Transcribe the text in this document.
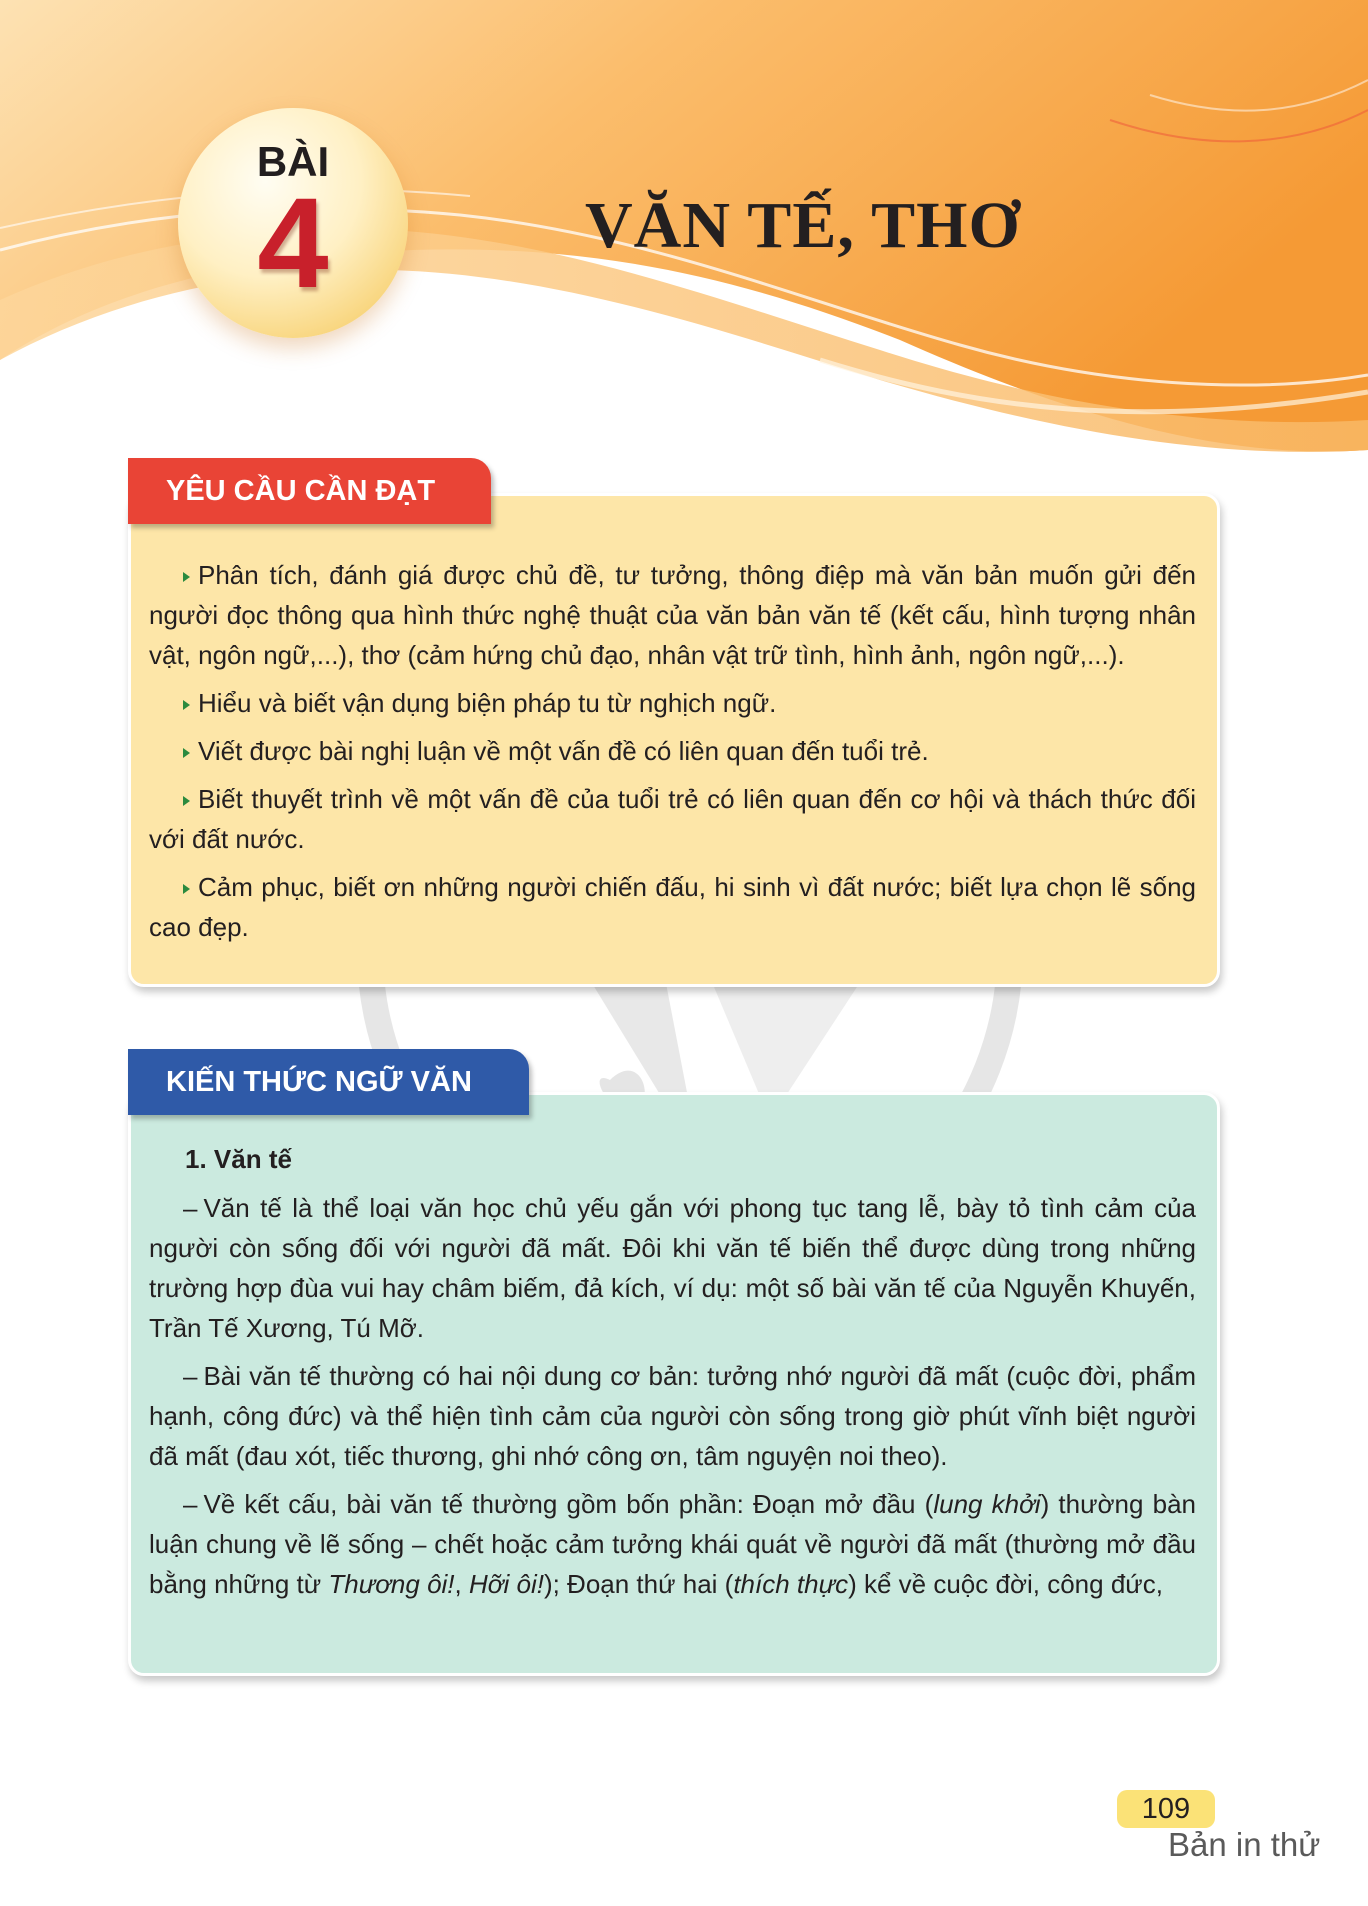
BÀI
4	VĂN TẾ, THƠ
YÊU CẦU CẦN ĐẠT

Phân tích, đánh giá được chủ đề, tư tưởng, thông điệp mà văn bản muốn gửi đến người đọc thông qua hình thức nghệ thuật của văn bản văn tế (kết cấu, hình tượng nhân vật, ngôn ngữ,...), thơ (cảm hứng chủ đạo, nhân vật trữ tình, hình ảnh, ngôn ngữ,...).

Hiểu và biết vận dụng biện pháp tu từ nghịch ngữ.

Viết được bài nghị luận về một vấn đề có liên quan đến tuổi trẻ.

Biết thuyết trình về một vấn đề của tuổi trẻ có liên quan đến cơ hội và thách thức đối với đất nước.

Cảm phục, biết ơn những người chiến đấu, hi sinh vì đất nước; biết lựa chọn lẽ sống cao đẹp.

KIẾN THỨC NGỮ VĂN
1. Văn tế

– Văn tế là thể loại văn học chủ yếu gắn với phong tục tang lễ, bày tỏ tình cảm của người còn sống đối với người đã mất. Đôi khi văn tế biến thể được dùng trong những trường hợp đùa vui hay châm biếm, đả kích, ví dụ: một số bài văn tế của Nguyễn Khuyến, Trần Tế Xương, Tú Mỡ.

– Bài văn tế thường có hai nội dung cơ bản: tưởng nhớ người đã mất (cuộc đời, phẩm hạnh, công đức) và thể hiện tình cảm của người còn sống trong giờ phút vĩnh biệt người đã mất (đau xót, tiếc thương, ghi nhớ công ơn, tâm nguyện noi theo).

– Về kết cấu, bài văn tế thường gồm bốn phần: Đoạn mở đầu (lung khởi) thường bàn luận chung về lẽ sống – chết hoặc cảm tưởng khái quát về người đã mất (thường mở đầu bằng những từ Thương ôi!, Hỡi ôi!); Đoạn thứ hai (thích thực) kể về cuộc đời, công đức,

109
Bản in thử
